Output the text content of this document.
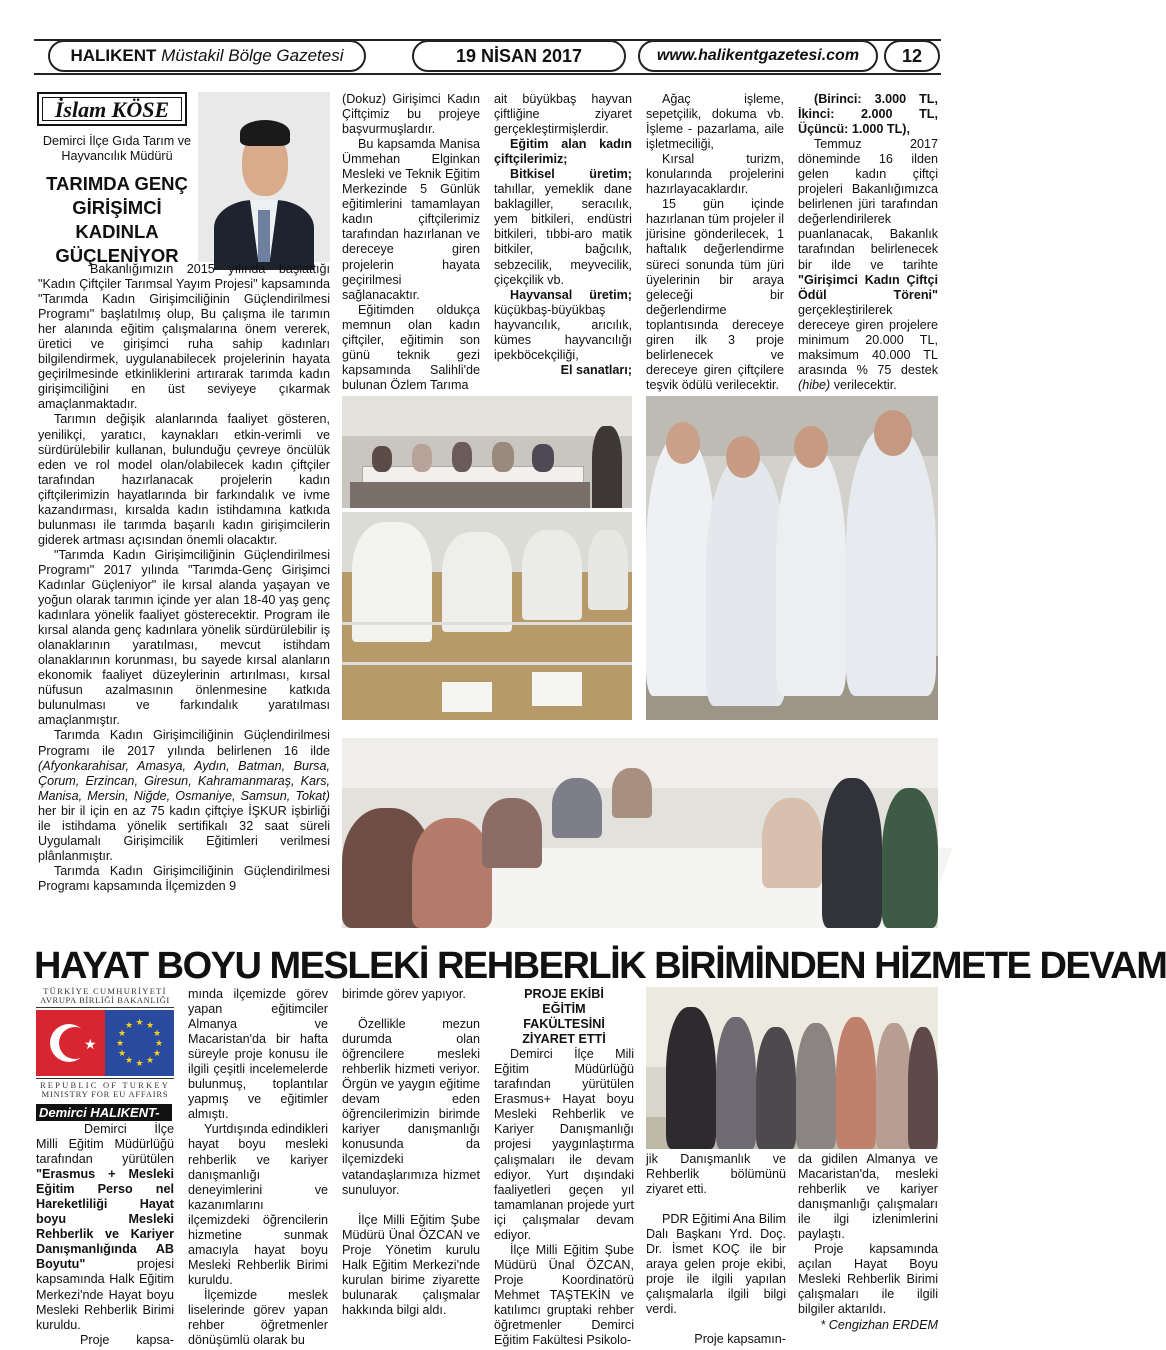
HALIKENT
Müstakil Bölge Gazetesi	19 NİSAN 2017	www.halikentgazetesi.com 12
İslam KÖSE
Demirci İlçe Gıda Tarım ve Hayvancılık Müdürü
TARIMDA GENÇ GİRİŞİMCİ KADINLA GÜÇLENİYOR

Bakanlığımızın 2015 yılında başlattığı "Kadın Çiftçiler Tarımsal Yayım Projesi" kapsamında "Tarımda Kadın Girişimciliğinin Güçlendirilmesi Programı" başlatılmış olup, Bu çalışma ile tarımın her alanında eğitim çalışmalarına önem vererek, üretici ve girişimci ruha sahip kadınları bilgilendirmek, uygulanabilecek projelerinin hayata geçirilmesinde etkinliklerini artırarak tarımda kadın girişimciliğini en üst seviyeye çıkarmak amaçlanmaktadır.

Tarımın değişik alanlarında faaliyet gösteren, yenilikçi, yaratıcı, kaynakları etkin-verimli ve sürdürülebilir kullanan, bulunduğu çevreye öncülük eden ve rol model olan/olabilecek kadın çiftçiler tarafından hazırlanacak projelerin kadın çiftçilerimizin hayatlarında bir farkındalık ve ivme kazandırması, kırsalda kadın istihdamına katkıda bulunması ile tarımda başarılı kadın girişimcilerin giderek artması açısından önemli olacaktır.

"Tarımda Kadın Girişimciliğinin Güçlendirilmesi Programı" 2017 yılında "Tarımda-Genç Girişimci Kadınlar Güçleniyor" ile kırsal alanda yaşayan ve yoğun olarak tarımın içinde yer alan 18-40 yaş genç kadınlara yönelik faaliyet gösterecektir. Program ile kırsal alanda genç kadınlara yönelik sürdürülebilir iş olanaklarının yaratılması, mevcut istihdam olanaklarının korunması, bu sayede kırsal alanların ekonomik faaliyet düzeylerinin artırılması, kırsal nüfusun azalmasının önlenmesine katkıda bulunulması ve farkındalık yaratılması amaçlanmıştır.

Tarımda Kadın Girişimciliğinin Güçlendirilmesi Programı ile 2017 yılında belirlenen 16 ilde (Afyonkarahisar, Amasya, Aydın, Batman, Bursa, Çorum, Erzincan, Giresun, Kahramanmaraş, Kars, Manisa, Mersin, Niğde, Osmaniye, Samsun, Tokat) her bir il için en az 75 kadın çiftçiye İŞKUR işbirliği ile istihdama yönelik sertifikalı 32 saat süreli Uygulamalı Girişimcilik Eğitimleri verilmesi plânlanmıştır.

Tarımda Kadın Girişimciliğinin Güçlendirilmesi Programı kapsamında İlçemizden 9

(Dokuz) Girişimci Kadın Çiftçimiz bu projeye başvurmuşlardır.

Bu kapsamda Manisa Ümmehan Elginkan Mesleki ve Teknik Eğitim Merkezinde 5 Günlük eğitimlerini tamamlayan kadın çiftçilerimiz tarafından hazırlanan ve dereceye giren projelerin hayata geçirilmesi sağlanacaktır.

Eğitimden oldukça memnun olan kadın çiftçiler, eğitimin son günü teknik gezi kapsamında Salihli'de bulunan Özlem Tarıma

ait büyükbaş hayvan çiftliğine ziyaret gerçekleştirmişlerdir.

Eğitim alan kadın çiftçilerimiz;

Bitkisel üretim; tahıllar, yemeklik dane baklagiller, seracılık, yem bitkileri, endüstri bitkileri, tıbbi-aro matik bitkiler, bağcılık, sebzecilik, meyvecilik, çiçekçilik vb.

Hayvansal üretim; küçükbaş-büyükbaş hayvancılık, arıcılık, kümes hayvancılığı ipekböcekçiliği,

El sanatları;

Ağaç işleme, sepetçilik, dokuma vb. İşleme - pazarlama, aile işletmeciliği,

Kırsal turizm, konularında projelerini hazırlayacaklardır.

15 gün içinde hazırlanan tüm projeler il jürisine gönderilecek, 1 haftalık değerlendirme süreci sonunda tüm jüri üyelerinin bir araya geleceği bir değerlendirme toplantısında dereceye giren ilk 3 proje belirlenecek ve dereceye giren çiftçilere teşvik ödülü verilecektir.

(Birinci: 3.000 TL, İkinci: 2.000 TL, Üçüncü: 1.000 TL),

Temmuz 2017 döneminde 16 ilden gelen kadın çiftçi projeleri Bakanlığımızca belirlenen jüri tarafından değerlendirilerek puanlanacak, Bakanlık tarafından belirlenecek bir ilde ve tarihte "Girişimci Kadın Çiftçi Ödül Töreni" gerçekleştirilerek dereceye giren projelere minimum 20.000 TL, maksimum 40.000 TL arasında % 75 destek (hibe) verilecektir.

HAYAT BOYU MESLEKİ REHBERLİK BİRİMİNDEN HİZMETE DEVAM
TÜRKİYE CUMHURİYETİ
AVRUPA BİRLİĞİ BAKANLIĞI
★
★ ★
★
★
★
★
★
★
★
★
★
★
REPUBLIC OF TURKEY
MINISTRY FOR EU AFFAIRS
Demirci HALIKENT-

Demirci İlçe Milli Eğitim Müdürlüğü tarafından yürütülen "Erasmus + Mesleki Eğitim Perso nel Hareketliliği Hayat boyu Mesleki Rehberlik ve Kariyer Danışmanlığında AB Boyutu"	projesi kapsamında Halk Eğitim Merkezi'nde Hayat boyu Mesleki Rehberlik Birimi kuruldu.

Proje kapsa-

mında ilçemizde görev yapan eğitimciler Almanya ve Macaristan'da bir hafta süreyle proje konusu ile ilgili çeşitli incelemelerde bulunmuş, toplantılar yapmış ve eğitimler almıştı.

Yurtdışında edindikleri hayat boyu mesleki rehberlik ve kariyer danışmanlığı deneyimlerini ve kazanımlarını ilçemizdeki öğrencilerin hizmetine sunmak amacıyla hayat boyu Mesleki Rehberlik Birimi kuruldu.

İlçemizde meslek liselerinde görev yapan rehber öğretmenler dönüşümlü olarak bu

birimde görev yapıyor.

Özellikle mezun durumda olan öğrencilere mesleki rehberlik hizmeti veriyor. Örgün ve yaygın eğitime devam eden öğrencilerimizin birimde kariyer danışmanlığı konusunda da ilçemizdeki vatandaşlarımıza hizmet sunuluyor.

İlçe Milli Eğitim Şube Müdürü Ünal ÖZCAN ve Proje Yönetim kurulu Halk Eğitim Merkezi'nde kurulan birime ziyarette bulunarak çalışmalar hakkında bilgi aldı.

PROJE EKİBİ EĞİTİM FAKÜLTESİNİ ZİYARET ETTİ

Demirci İlçe Mili Eğitim Müdürlüğü tarafından yürütülen Erasmus+ Hayat boyu Mesleki Rehberlik ve Kariyer Danışmanlığı projesi yaygınlaştırma çalışmaları ile devam ediyor. Yurt dışındaki faaliyetleri geçen yıl tamamlanan projede yurt içi çalışmalar devam ediyor.

İlçe Milli Eğitim Şube Müdürü Ünal ÖZCAN, Proje Koordinatörü Mehmet TAŞTEKİN ve katılımcı gruptaki rehber öğretmenler Demirci Eğitim Fakültesi Psikolo-

jik Danışmanlık ve Rehberlik bölümünü ziyaret etti.

PDR Eğitimi Ana Bilim Dalı Başkanı Yrd. Doç. Dr. İsmet KOÇ ile bir araya gelen proje ekibi, proje ile ilgili yapılan çalışmalarla ilgili bilgi verdi.

Proje kapsamın-

da gidilen Almanya ve Macaristan'da, mesleki rehberlik ve kariyer danışmanlığı çalışmaları ile ilgi izlenimlerini paylaştı.

Proje kapsamında açılan Hayat Boyu Mesleki Rehberlik Birimi çalışmaları ile ilgili bilgiler aktarıldı.

* Cengizhan ERDEM
